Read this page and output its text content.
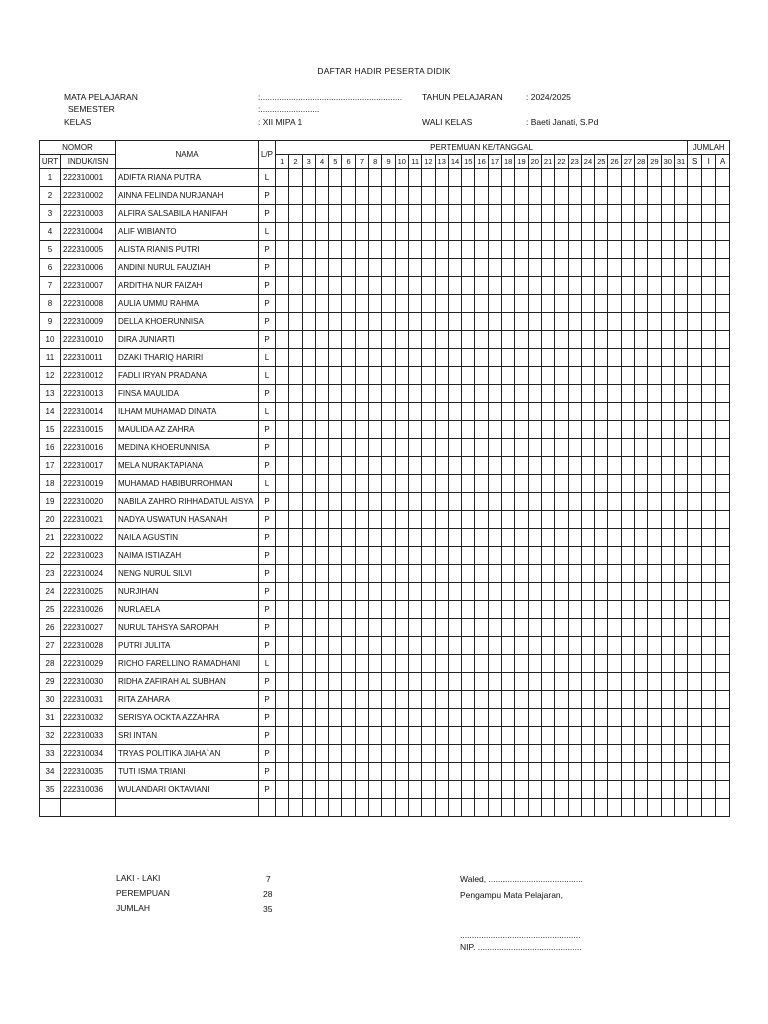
DAFTAR HADIR PESERTA DIDIK
MATA PELAJARAN	:............................................................
SEMESTER	:.........................
KELAS	: XII MIPA 1
TAHUN PELAJARAN	: 2024/2025
WALI KELAS	: Baeti Janati, S.Pd
NOMOR		NAMA	L/P	PERTEMUAN KE/TANGGAL																															JUMLAH		
URT	INDUK/ISN			1	2	3	4	5	6	7	8	9	10	11	12	13	14	15	16	17	18	19	20	21	22	23	24	25	26	27	28	29	30	31			
																																			S	I	A
1	222310001	ADIFTA RIANA PUTRA	L																																		
2	222310002	AINNA FELINDA NURJANAH	P																																		
3	222310003	ALFIRA SALSABILA HANIFAH	P																																		
4	222310004	ALIF WIBIANTO	L																																		
5	222310005	ALISTA RIANIS PUTRI	P																																		
6	222310006	ANDINI NURUL FAUZIAH	P																																		
7	222310007	ARDITHA NUR FAIZAH	P																																		
8	222310008	AULIA UMMU RAHMA	P																																		
9	222310009	DELLA KHOERUNNISA	P																																		
10	222310010	DIRA JUNIARTI	P																																		
11	222310011	DZAKI THARIQ HARIRI	L																																		
12	222310012	FADLI IRYAN PRADANA	L																																		
13	222310013	FINSA MAULIDA	P																																		
14	222310014	ILHAM MUHAMAD DINATA	L																																		
15	222310015	MAULIDA AZ ZAHRA	P																																		
16	222310016	MEDINA KHOERUNNISA	P																																		
17	222310017	MELA NURAKTAPIANA	P																																		
18	222310019	MUHAMAD HABIBURROHMAN	L																																		
19	222310020	NABILA ZAHRO RIHHADATUL AISYA	P																																		
20	222310021	NADYA USWATUN HASANAH	P																																		
21	222310022	NAILA AGUSTIN	P																																		
22	222310023	NAIMA ISTIAZAH	P																																		
23	222310024	NENG NURUL SILVI	P																																		
24	222310025	NURJIHAN	P																																		
25	222310026	NURLAELA	P																																		
26	222310027	NURUL TAHSYA SAROPAH	P																																		
27	222310028	PUTRI JULITA	P																																		
28	222310029	RICHO FARELLINO RAMADHANI	L																																		
29	222310030	RIDHA ZAFIRAH AL SUBHAN	P																																		
30	222310031	RITA ZAHARA	P																																		
31	222310032	SERISYA OCKTA AZZAHRA	P																																		
32	222310033	SRI INTAN	P																																		
33	222310034	TRYAS POLITIKA JIAHA`AN	P																																		
34	222310035	TUTI ISMA TRIANI	P																																		
35	222310036	WULANDARI OKTAVIANI	P																																		

LAKI - LAKI	7
PEREMPUAN	28
JUMLAH	35
Waled, ........................................
Pengampu Mata Pelajaran,
...................................................
NIP. ............................................
